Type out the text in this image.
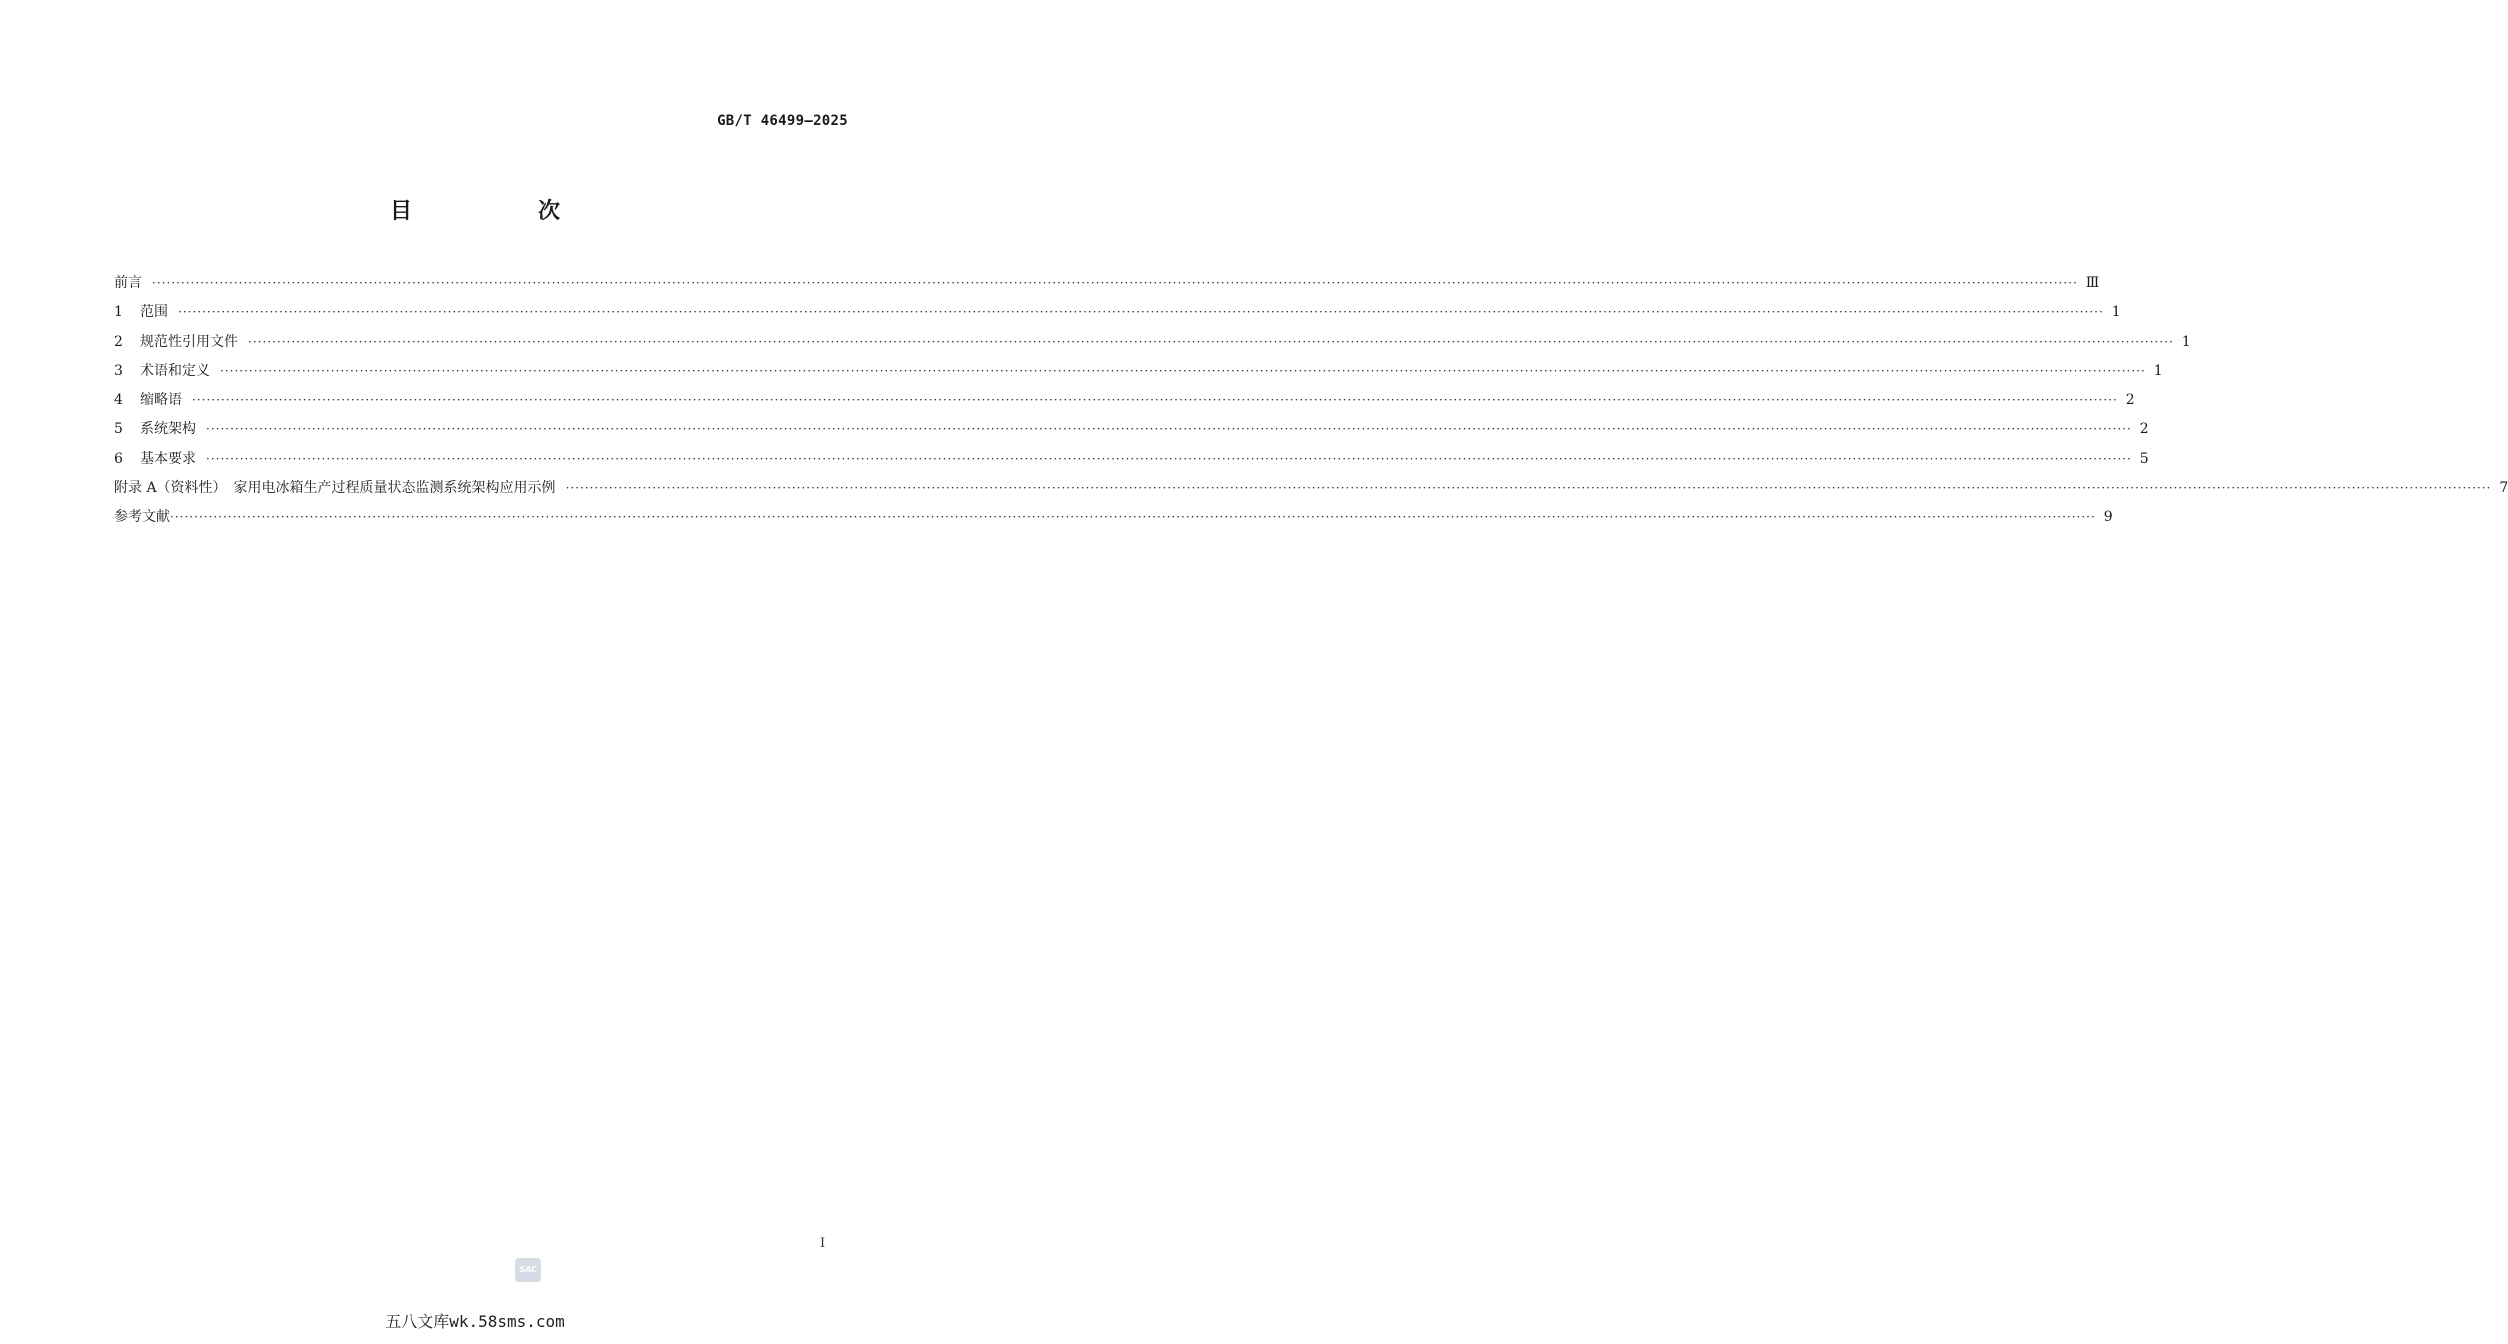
GB/T 46499—2025
目　次
前言 ················································································································································································································································································································································································································ Ⅲ
1	范围 ················································································································································································································································································································································································································ 1
2	规范性引用文件 ················································································································································································································································································································································································································ 1
3	术语和定义 ················································································································································································································································································································································································································ 1
4	缩略语 ················································································································································································································································································································································································································ 2
5	系统架构 ················································································································································································································································································································································································································ 2
6	基本要求 ················································································································································································································································································································································································································ 5
附录 A（资料性）　家用电冰箱生产过程质量状态监测系统架构应用示例 ················································································································································································································································································································································································································ 7
参考文献 ················································································································································································································································································································································································································ 9
Ⅰ
SAC
五八文库wk.58sms.com
